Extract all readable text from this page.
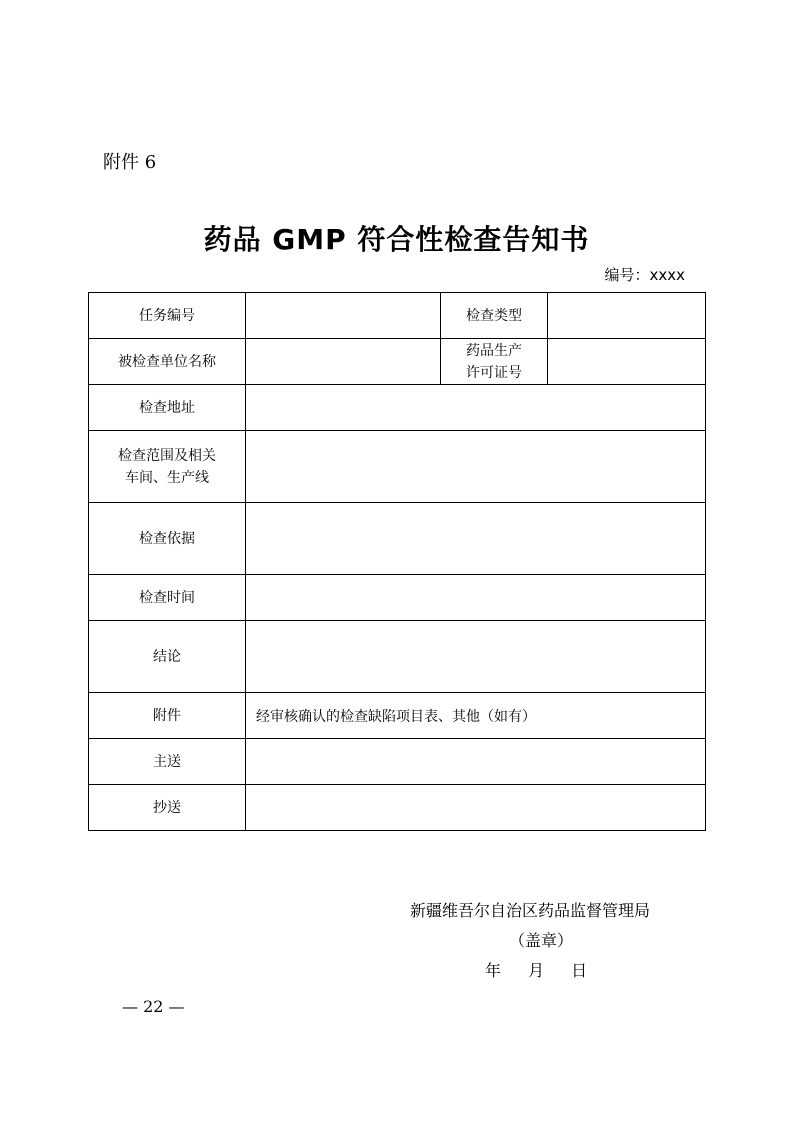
附件 6
药品 GMP 符合性检查告知书
编号：xxxx
任务编号		检查类型	
被检查单位名称		药品生产
许可证号	

检查地址			

检查范围及相关
车间、生产线			

检查依据			
检查时间			
结论			
附件	经审核确认的检查缺陷项目表、其他（如有）		
主送			
抄送			
新疆维吾尔自治区药品监督管理局
（盖章）
年 月 日
— 22 —
